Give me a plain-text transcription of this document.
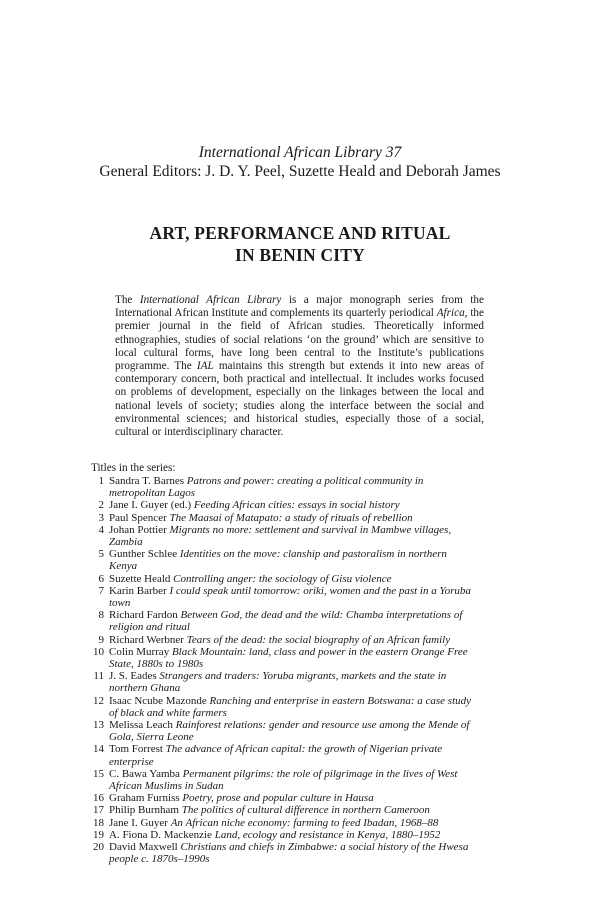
International African Library 37
General Editors: J. D. Y. Peel, Suzette Heald and Deborah James
ART, PERFORMANCE AND RITUAL
IN BENIN CITY
The International African Library is a major monograph series from the International African Institute and complements its quarterly periodical Africa, the premier journal in the field of African studies. Theoretically informed ethnographies, studies of social relations ‘on the ground’ which are sensitive to local cultural forms, have long been central to the Institute’s publications programme. The IAL maintains this strength but extends it into new areas of contemporary concern, both practical and intellectual. It includes works focused on problems of development, especially on the linkages between the local and national levels of society; studies along the interface between the social and environmental sciences; and historical studies, especially those of a social, cultural or interdisciplinary character.
Titles in the series:
1 Sandra T. Barnes Patrons and power: creating a political community in metropolitan Lagos
2 Jane I. Guyer (ed.) Feeding African cities: essays in social history
3 Paul Spencer The Maasai of Matapato: a study of rituals of rebellion
4 Johan Pottier Migrants no more: settlement and survival in Mambwe villages, Zambia
5 Gunther Schlee Identities on the move: clanship and pastoralism in northern Kenya
6 Suzette Heald Controlling anger: the sociology of Gisu violence
7 Karin Barber I could speak until tomorrow: oriki, women and the past in a Yoruba town
8 Richard Fardon Between God, the dead and the wild: Chamba interpretations of religion and ritual
9 Richard Werbner Tears of the dead: the social biography of an African family
10 Colin Murray Black Mountain: land, class and power in the eastern Orange Free State, 1880s to 1980s
11 J. S. Eades Strangers and traders: Yoruba migrants, markets and the state in northern Ghana
12 Isaac Ncube Mazonde Ranching and enterprise in eastern Botswana: a case study of black and white farmers
13 Melissa Leach Rainforest relations: gender and resource use among the Mende of Gola, Sierra Leone
14 Tom Forrest The advance of African capital: the growth of Nigerian private enterprise
15 C. Bawa Yamba Permanent pilgrims: the role of pilgrimage in the lives of West African Muslims in Sudan
16 Graham Furniss Poetry, prose and popular culture in Hausa
17 Philip Burnham The politics of cultural difference in northern Cameroon
18 Jane I. Guyer An African niche economy: farming to feed Ibadan, 1968–88
19 A. Fiona D. Mackenzie Land, ecology and resistance in Kenya, 1880–1952
20 David Maxwell Christians and chiefs in Zimbabwe: a social history of the Hwesa people c. 1870s–1990s
